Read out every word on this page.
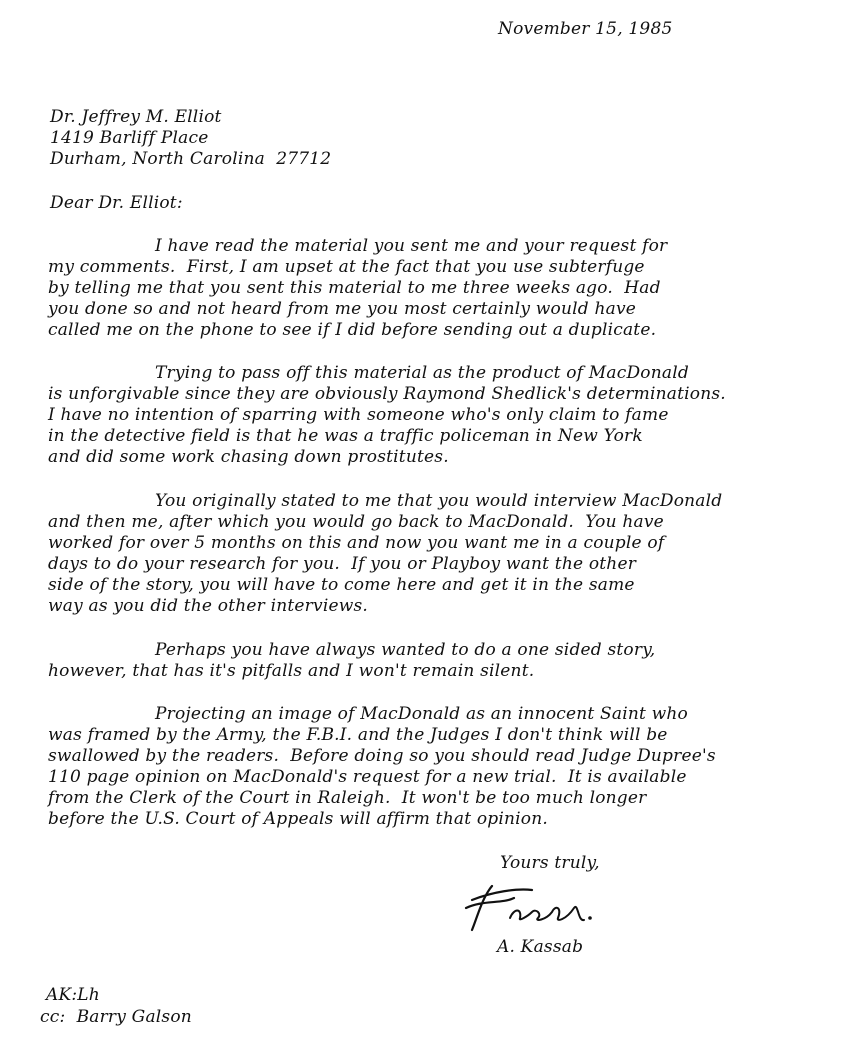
November 15, 1985
Dr. Jeffrey M. Elliot
1419 Barliff Place
Durham, North Carolina  27712
Dear Dr. Elliot:
I have read the material you sent me and your request for
my comments.  First, I am upset at the fact that you use subterfuge
by telling me that you sent this material to me three weeks ago.  Had
you done so and not heard from me you most certainly would have
called me on the phone to see if I did before sending out a duplicate.
Trying to pass off this material as the product of MacDonald
is unforgivable since they are obviously Raymond Shedlick's determinations.
I have no intention of sparring with someone who's only claim to fame
in the detective field is that he was a traffic policeman in New York
and did some work chasing down prostitutes.
You originally stated to me that you would interview MacDonald
and then me, after which you would go back to MacDonald.  You have
worked for over 5 months on this and now you want me in a couple of
days to do your research for you.  If you or Playboy want the other
side of the story, you will have to come here and get it in the same
way as you did the other interviews.
Perhaps you have always wanted to do a one sided story,
however, that has it's pitfalls and I won't remain silent.
Projecting an image of MacDonald as an innocent Saint who
was framed by the Army, the F.B.I. and the Judges I don't think will be
swallowed by the readers.  Before doing so you should read Judge Dupree's
110 page opinion on MacDonald's request for a new trial.  It is available
from the Clerk of the Court in Raleigh.  It won't be too much longer
before the U.S. Court of Appeals will affirm that opinion.
Yours truly,
A. Kassab
AK:Lh
cc:  Barry Galson
